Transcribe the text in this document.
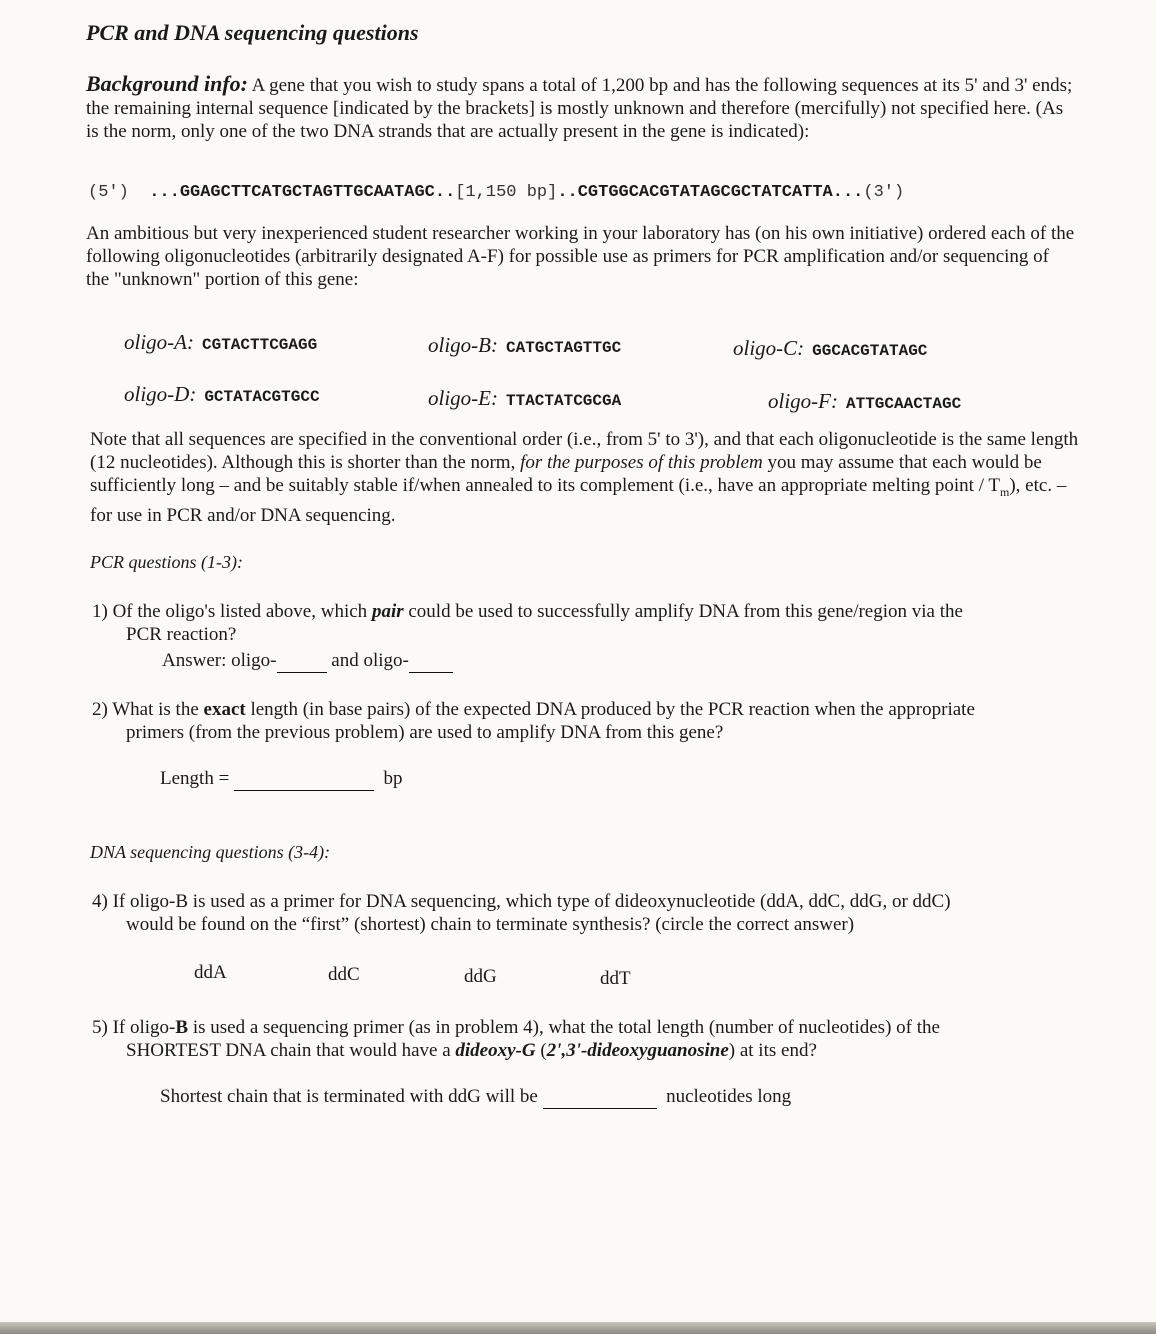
PCR and DNA sequencing questions
Background info: A gene that you wish to study spans a total of 1,200 bp and has the following sequences at its 5' and 3' ends; the remaining internal sequence [indicated by the brackets] is mostly unknown and therefore (mercifully) not specified here. (As is the norm, only one of the two DNA strands that are actually present in the gene is indicated):
(5') ...GGAGCTTCATGCTAGTTGCAATAGC..[1,150 bp]..CGTGGCACGTATAGCGCTATCATTA...(3')
An ambitious but very inexperienced student researcher working in your laboratory has (on his own initiative) ordered each of the following oligonucleotides (arbitrarily designated A-F) for possible use as primers for PCR amplification and/or sequencing of the "unknown" portion of this gene:
oligo-A: CGTACTTCGAGG	oligo-B: CATGCTAGTTGC	oligo-C: GGCACGTATAGC
oligo-D: GCTATACGTGCC	oligo-E: TTACTATCGCGA	oligo-F: ATTGCAACTAGC
Note that all sequences are specified in the conventional order (i.e., from 5' to 3'), and that each oligonucleotide is the same length (12 nucleotides). Although this is shorter than the norm, for the purposes of this problem you may assume that each would be sufficiently long – and be suitably stable if/when annealed to its complement (i.e., have an appropriate melting point / $T_m$), etc. – for use in PCR and/or DNA sequencing.
PCR questions (1-3):
1) Of the oligo's listed above, which pair could be used to successfully amplify DNA from this gene/region via the
PCR reaction?
Answer: oligo-	and oligo-
2) What is the exact length (in base pairs) of the expected DNA produced by the PCR reaction when the appropriate
primers (from the previous problem) are used to amplify DNA from this gene?
Length =	bp
DNA sequencing questions (3-4):
4) If oligo-B is used as a primer for DNA sequencing, which type of dideoxynucleotide (ddA, ddC, ddG, or ddC)
would be found on the “first” (shortest) chain to terminate synthesis? (circle the correct answer)
ddA	ddC	ddG	ddT
5) If oligo-B is used a sequencing primer (as in problem 4), what the total length (number of nucleotides) of the
SHORTEST DNA chain that would have a dideoxy-G (2',3'-dideoxyguanosine) at its end?
Shortest chain that is terminated with ddG will be	nucleotides long
